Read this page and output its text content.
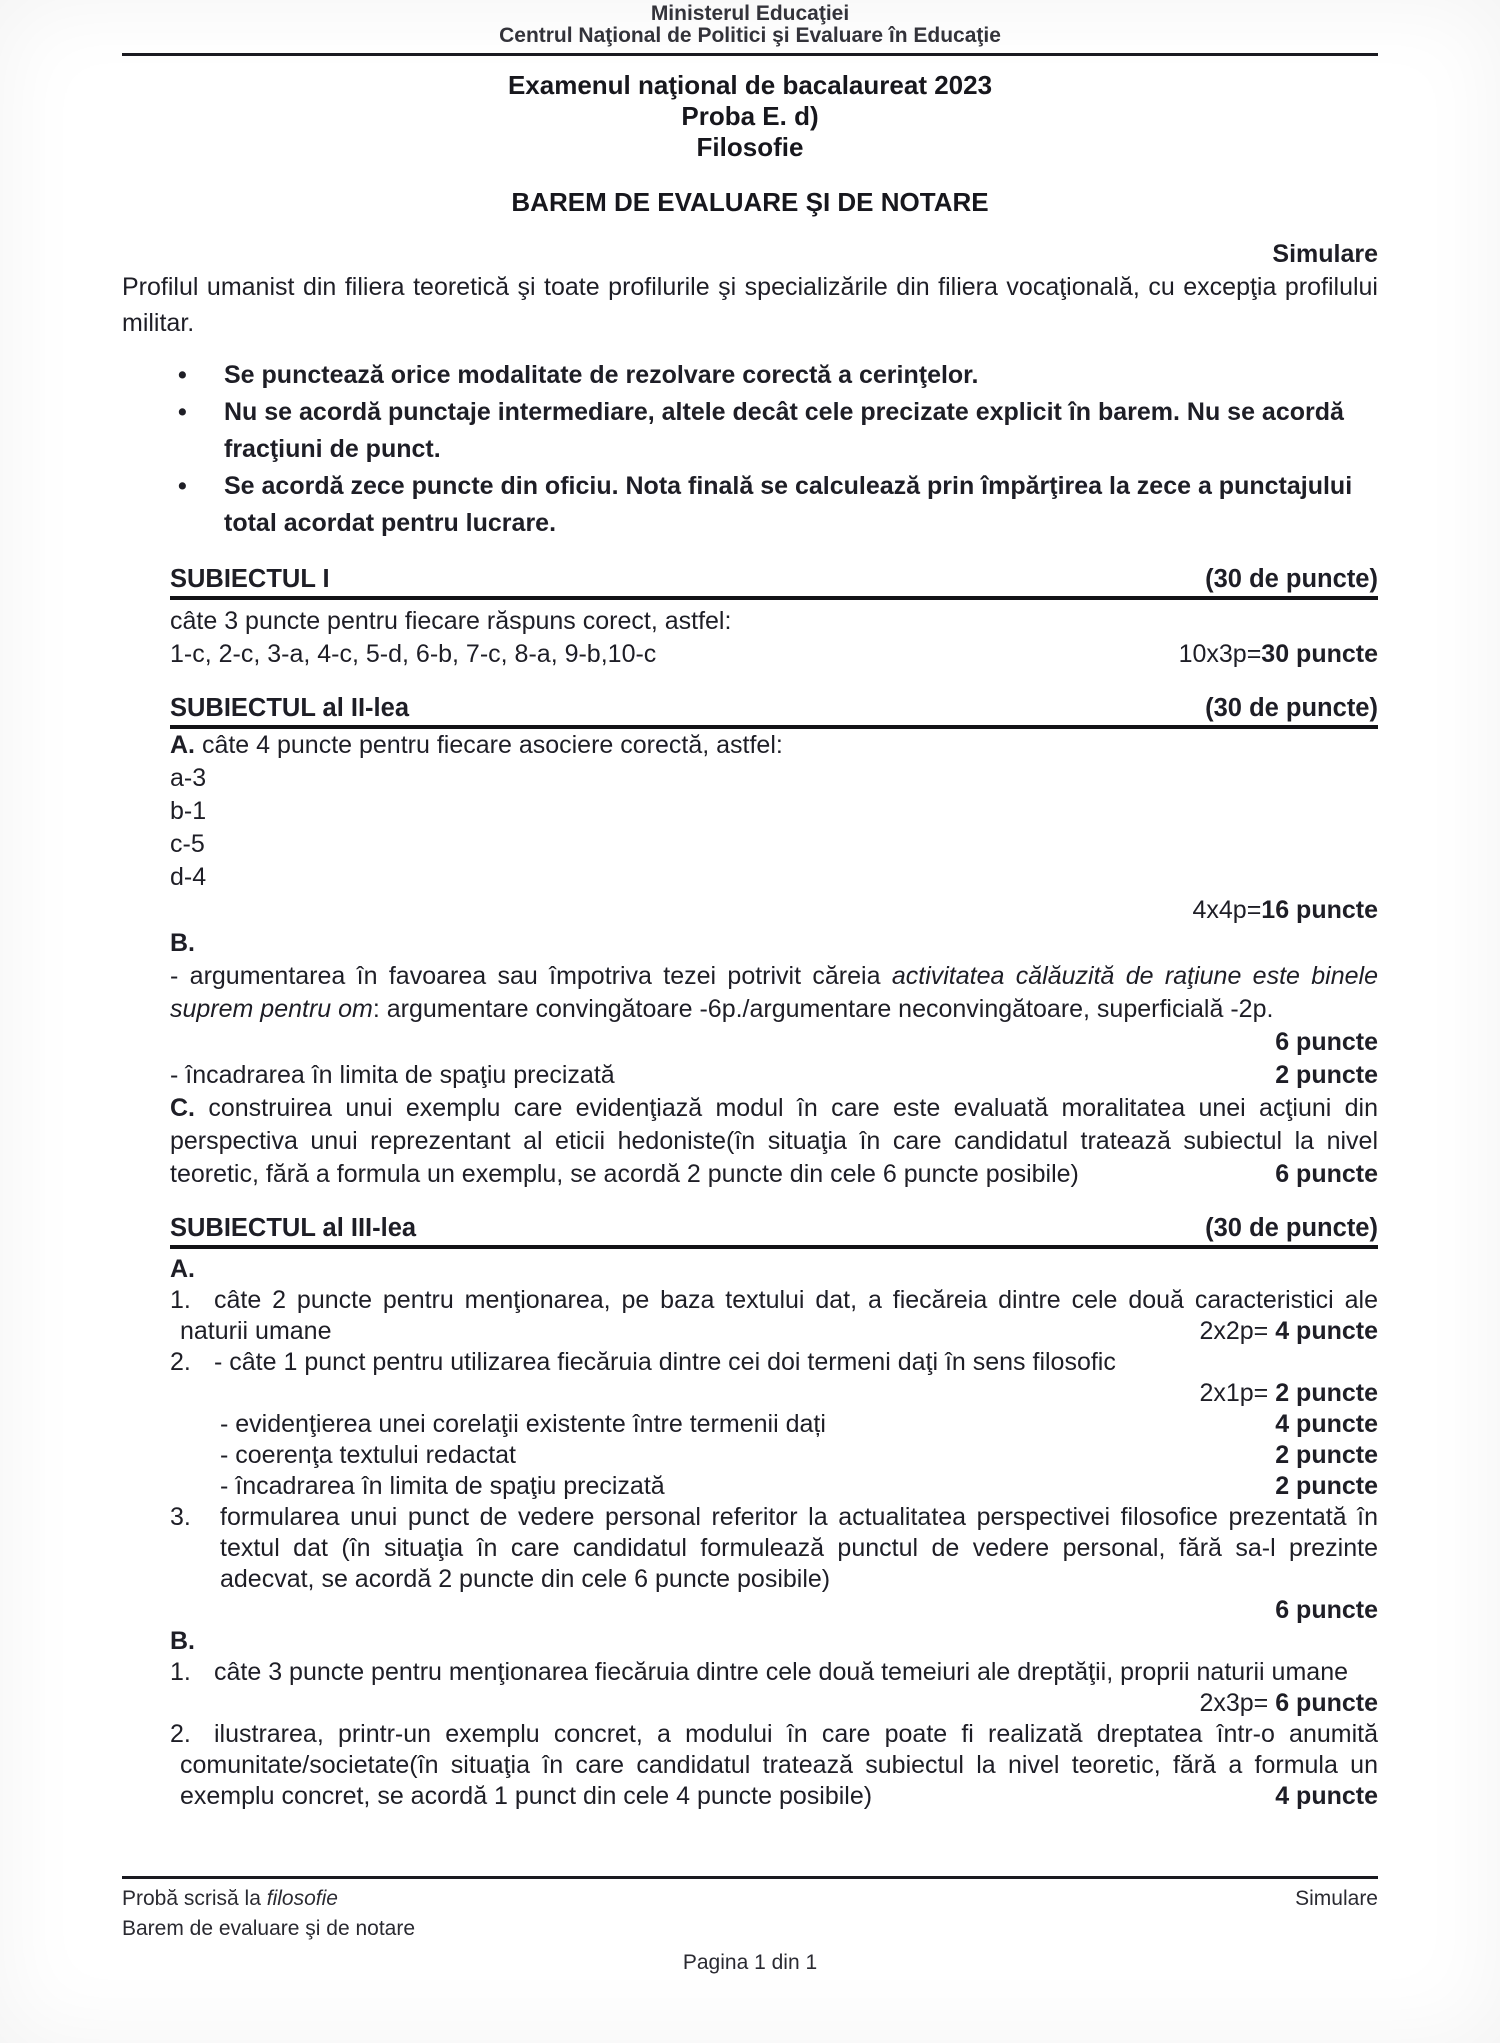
Ministerul Educaţiei
Centrul Naţional de Politici şi Evaluare în Educaţie
Examenul naţional de bacalaureat 2023
Proba E. d)
Filosofie
BAREM DE EVALUARE ŞI DE NOTARE
Simulare

Profilul umanist din filiera teoretică şi toate profilurile şi specializările din filiera vocaţională, cu excepţia profilului militar.

•	Se punctează orice modalitate de rezolvare corectă a cerinţelor.
•	Nu se acordă punctaje intermediare, altele decât cele precizate explicit în barem. Nu se acordă fracţiuni de punct.
•	Se acordă zece puncte din oficiu. Nota finală se calculează prin împărţirea la zece a punctajului total acordat pentru lucrare.
SUBIECTUL I	(30 de puncte)
câte 3 puncte pentru fiecare răspuns corect, astfel:
1-c, 2-c, 3-a, 4-c, 5-d, 6-b, 7-c, 8-a, 9-b,10-c	10x3p=30 puncte
SUBIECTUL al II-lea	(30 de puncte)

A. câte 4 puncte pentru fiecare asociere corectă, astfel:

a-3
b-1
c-5
d-4
4x4p=16 puncte
B.

- argumentarea în favoarea sau împotriva tezei potrivit căreia activitatea călăuzită de raţiune este binele suprem pentru om: argumentare convingătoare -6p./argumentare neconvingătoare, superficială -2p.
6 puncte

- încadrarea în limita de spaţiu precizată	2 puncte

C. construirea unui exemplu care evidenţiază modul în care este evaluată moralitatea unei acţiuni din perspectiva unui reprezentant al eticii hedoniste(în situaţia în care candidatul tratează subiectul la nivel teoretic, fără a formula un exemplu, se acordă 2 puncte din cele 6 puncte posibile)	6 puncte

SUBIECTUL al III-lea	(30 de puncte)
A.

1. câte 2 puncte pentru menţionarea, pe baza textului dat, a fiecăreia dintre cele două caracteristici ale naturii umane	2x2p= 4 puncte

2. - câte 1 punct pentru utilizarea fiecăruia dintre cei doi termeni daţi în sens filosofic

2x1p= 2 puncte
- evidenţierea unei corelaţii existente între termenii dați	4 puncte
- coerenţa textului redactat	2 puncte
- încadrarea în limita de spaţiu precizată	2 puncte

3. formularea unui punct de vedere personal referitor la actualitatea perspectivei filosofice prezentată în textul dat (în situaţia în care candidatul formulează punctul de vedere personal, fără sa-l prezinte adecvat, se acordă 2 puncte din cele 6 puncte posibile)

6 puncte
B.

1. câte 3 puncte pentru menţionarea fiecăruia dintre cele două temeiuri ale dreptăţii, proprii naturii umane
2x3p= 6 puncte

2. ilustrarea, printr-un exemplu concret, a modului în care poate fi realizată dreptatea într-o anumită comunitate/societate(în situaţia în care candidatul tratează subiectul la nivel teoretic, fără a formula un exemplu concret, se acordă 1 punct din cele 4 puncte posibile)	4 puncte

Probă scrisă la filosofie	Simulare
Barem de evaluare şi de notare
Pagina 1 din 1
